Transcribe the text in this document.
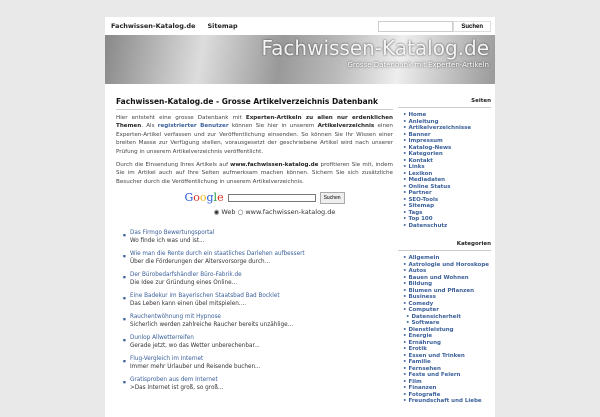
Fachwissen-Katalog.de Sitemap	Suchen
Fachwissen-Katalog.de
Grosse Datenbank mit Experten-Artikeln
Fachwissen-Katalog.de - Grosse Artikelverzeichnis Datenbank

Hier entsteht eine grosse Datenbank mit Experten-Artikeln zu allen nur erdenklichen Themen. Als registrierter Benutzer können Sie hier in unserem Artikelverzeichnis einen Experten-Artikel verfassen und zur Veröffentlichung einsenden. So können Sie Ihr Wissen einer breiten Masse zur Verfügung stellen, vorausgesetzt der geschriebene Artikel wird nach unserer Prüfung in unserem Artikelverzeichnis veröffentlicht.

Durch die Einsendung Ihres Artikels auf www.fachwissen-katalog.de profitieren Sie mit, indem Sie im Artikel auch auf Ihre Seiten aufmerksam machen können. Sichern Sie sich zusätzliche Besucher durch die Veröffentlichung in unserem Artikelverzeichnis.

Google	Suchen
◉ Web ○ www.fachwissen-katalog.de
■ Das Firmgo Bewertungsportal
Wo finde ich was und ist...
■ Wie man die Rente durch ein staatliches Darlehen aufbessert
Über die Förderungen der Altersvorsorge durch...
■ Der Bürobedarfshändler Büro-Fabrik.de
Die Idee zur Gründung eines Online...
■ Eine Badekur im Bayerischen Staatsbad Bad Bocklet
Das Leben kann einen übel mitspielen....
■ Rauchentwöhnung mit Hypnose
Sicherlich werden zahlreiche Raucher bereits unzählige...
■ Dunlop Allwetterreifen
Gerade jetzt, wo das Wetter unberechenbar...
■ Flug-Vergleich im Internet
Immer mehr Urlauber und Reisende buchen...
■ Gratisproben aus dem Internet
>Das Internet ist groß, so groß...
Seiten
• Home
• Anleitung
• Artikelverzeichnisse
• Banner
• Impressum
• Katalog-News
• Kategorien
• Kontakt
• Links
• Lexikon
• Mediadaten
• Online Status
• Partner
• SEO-Tools
• Sitemap
• Tags
• Top 100
• Datenschutz
Kategorien
• Allgemein
• Astrologie und Horoskope
• Autos
• Bauen und Wohnen
• Bildung
• Blumen und Pflanzen
• Business
• Comedy
• Computer
• Datensicherheit
• Software
• Dienstleistung
• Energie
• Ernährung
• Erotik
• Essen und Trinken
• Familie
• Fernsehen
• Feste und Feiern
• Film
• Finanzen
• Fotografie
• Freundschaft und Liebe
